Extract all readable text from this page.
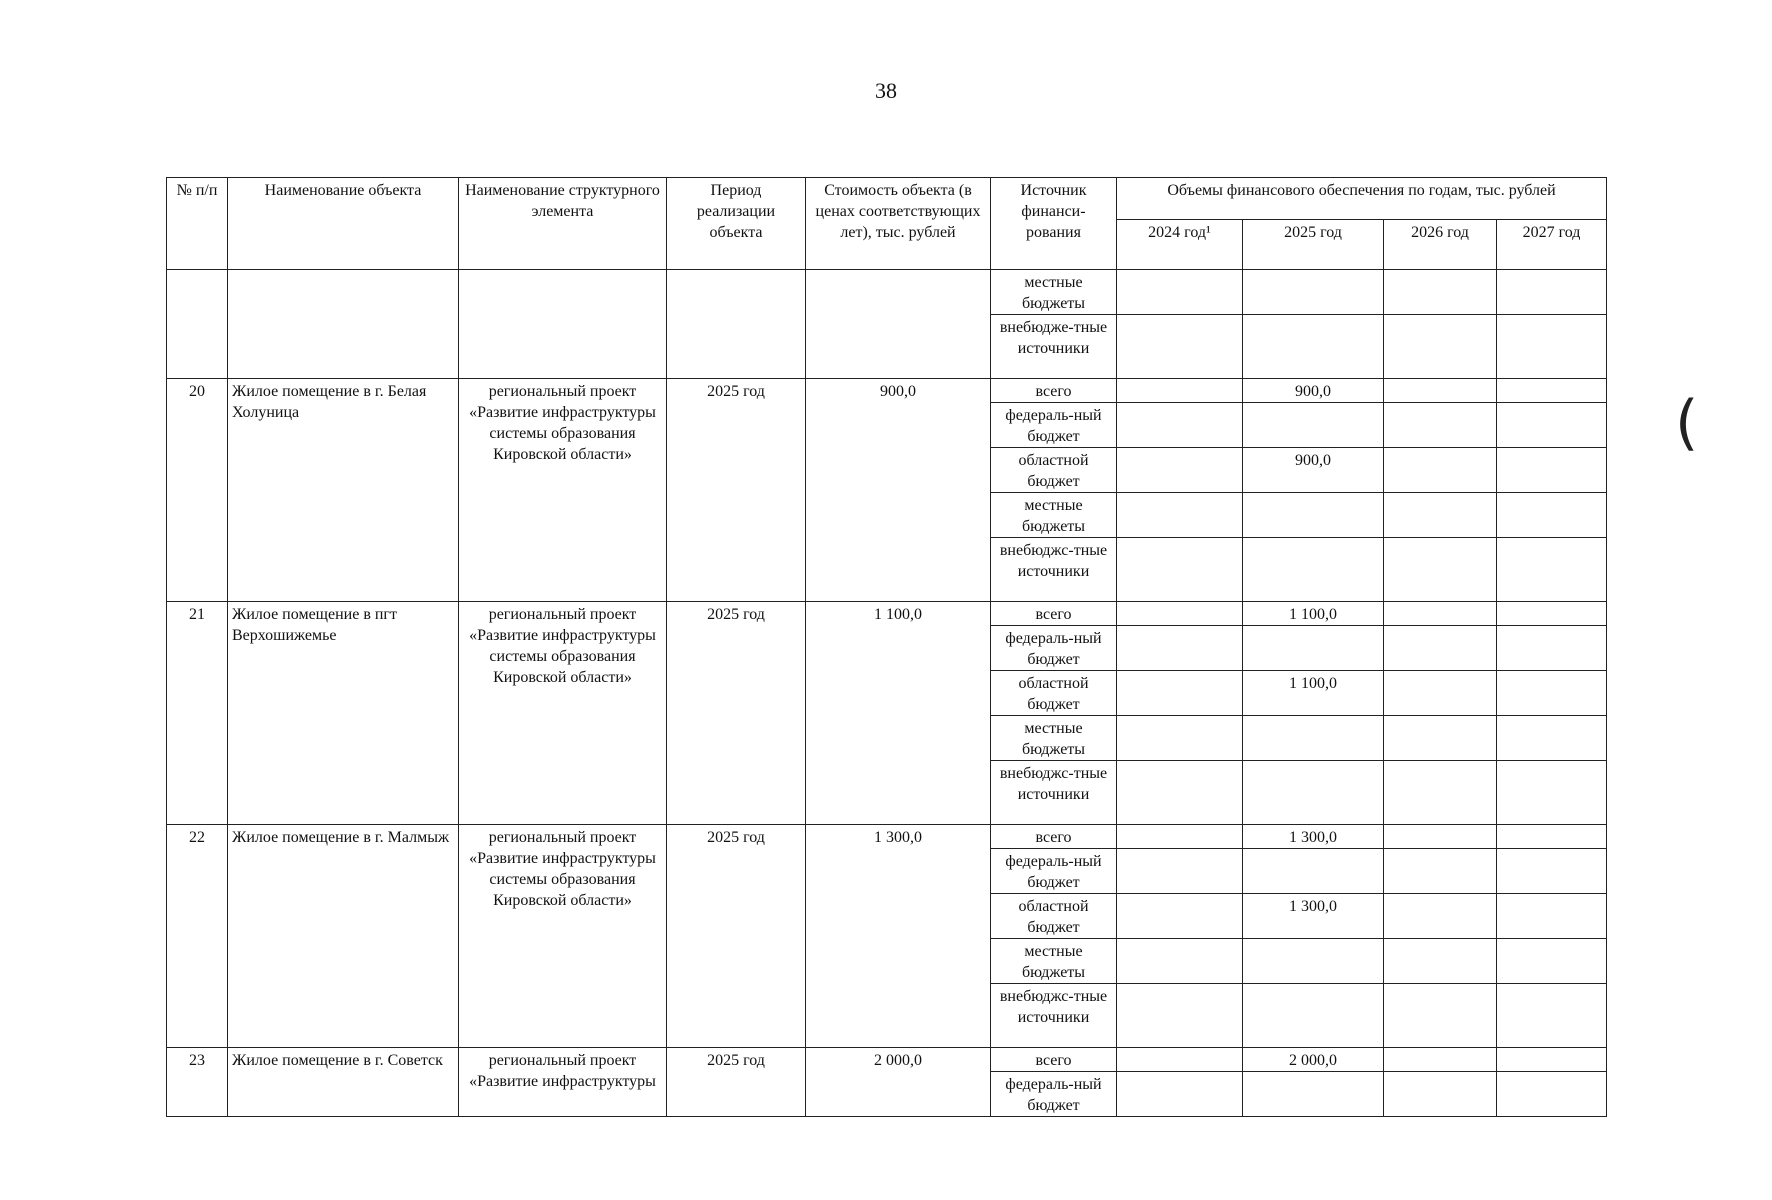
38
№ п/п	Наименование объекта	Наименование структурного элемента	Период реализации объекта	Стоимость объекта (в ценах соответствующих лет), тыс. рублей	Источник финанси-рования	Объемы финансового обеспечения по годам, тыс. рублей			
						2024 год¹	2025 год	2026 год	2027 год
					местные бюджеты				
					внебюдже-тные источники				
20	Жилое помещение в г. Белая Холуница	региональный проект «Развитие инфраструктуры системы образования Кировской области»	2025 год	900,0	всего		900,0		
					федераль-ный бюджет				
					областной бюджет		900,0		
					местные бюджеты				
					внебюджс-тные источники				
21	Жилое помещение в пгт Верхошижемье	региональный проект «Развитие инфраструктуры системы образования Кировской области»	2025 год	1 100,0	всего		1 100,0		
					федераль-ный бюджет				
					областной бюджет		1 100,0		
					местные бюджеты				
					внебюджс-тные источники				
22	Жилое помещение в г. Малмыж	региональный проект «Развитие инфраструктуры системы образования Кировской области»	2025 год	1 300,0	всего		1 300,0		
					федераль-ный бюджет				
					областной бюджет		1 300,0		
					местные бюджеты				
					внебюджс-тные источники				
23	Жилое помещение в г. Советск	региональный проект «Развитие инфраструктуры	2025 год	2 000,0	всего		2 000,0		
					федераль-ный бюджет				
(
